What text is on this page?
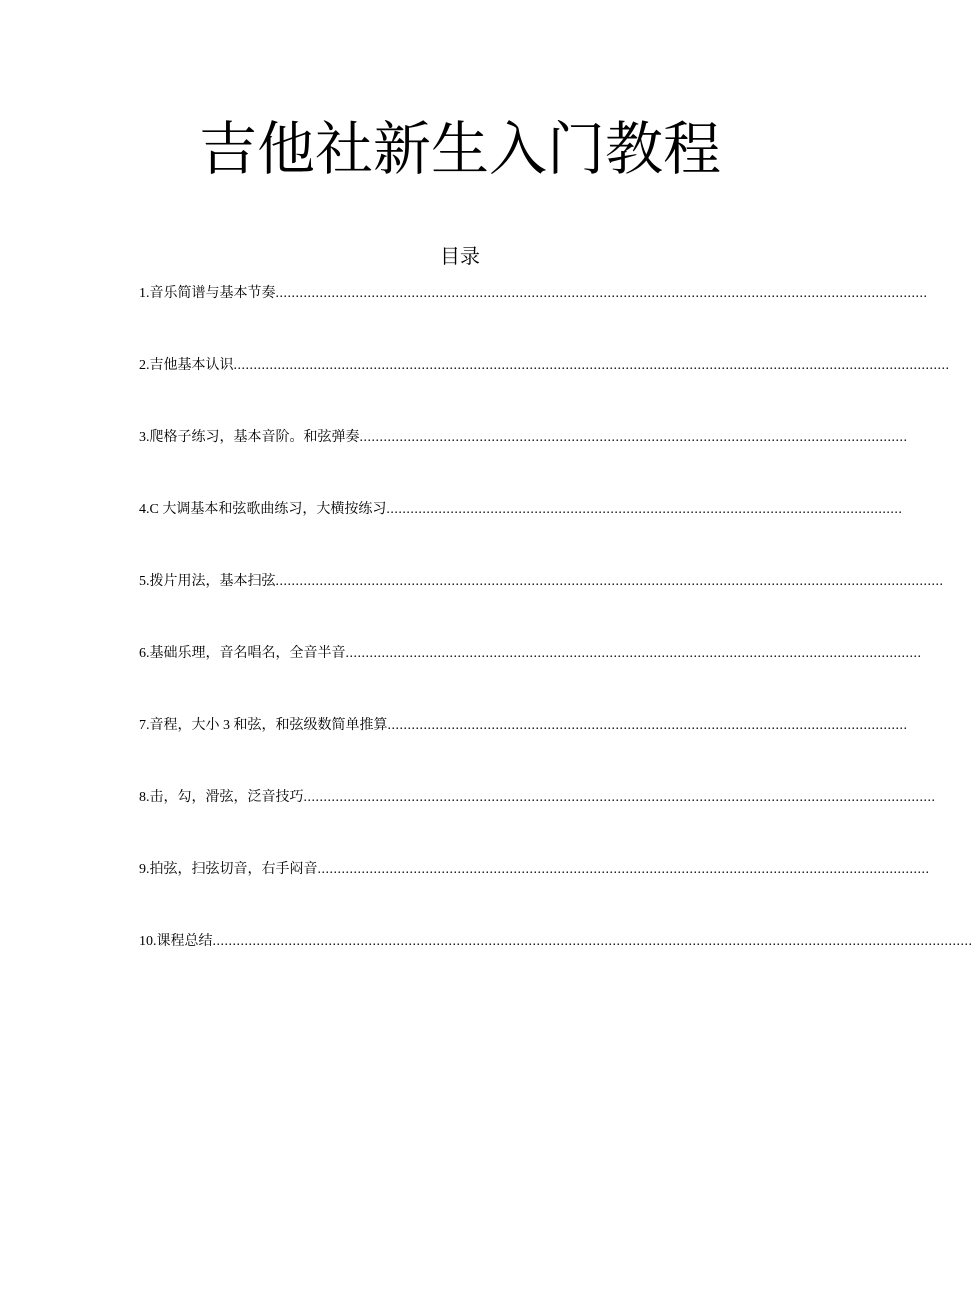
吉他社新生入门教程
目录
1. 音乐简谱与基本节奏 ...................................................................................................................................................................
2. 吉他基本认识 ...................................................................................................................................................................................
3. 爬格子练习，基本音阶。和弦弹奏 .........................................................................................................................................
4. C 大调基本和弦歌曲练习，大横按练习 .................................................................................................................................
5. 拨片用法，基本扫弦 .......................................................................................................................................................................
6. 基础乐理，音名唱名，全音半音 ................................................................................................................................................
7. 音程，大小 3 和弦，和弦级数简单推算 ..................................................................................................................................
8. 击，勾，滑弦，泛音技巧 ..............................................................................................................................................................
9. 拍弦，扫弦切音，右手闷音 .........................................................................................................................................................
10. 课程总结 ..............................................................................................................................................................................................
